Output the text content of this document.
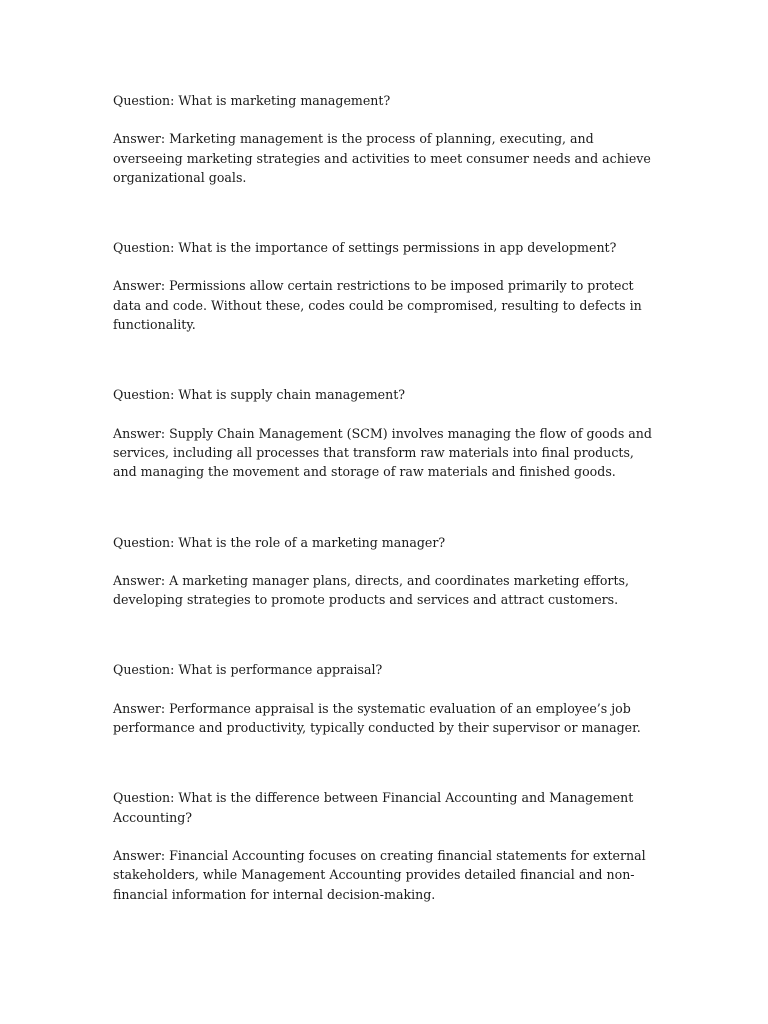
Question: What is marketing management?

Answer: Marketing management is the process of planning, executing, and overseeing marketing strategies and activities to meet consumer needs and achieve organizational goals.

Question: What is the importance of settings permissions in app development?

Answer: Permissions allow certain restrictions to be imposed primarily to protect data and code. Without these, codes could be compromised, resulting to defects in functionality.

Question: What is supply chain management?

Answer: Supply Chain Management (SCM) involves managing the flow of goods and services, including all processes that transform raw materials into final products, and managing the movement and storage of raw materials and finished goods.

Question: What is the role of a marketing manager?

Answer: A marketing manager plans, directs, and coordinates marketing efforts, developing strategies to promote products and services and attract customers.

Question: What is performance appraisal?

Answer: Performance appraisal is the systematic evaluation of an employee’s job performance and productivity, typically conducted by their supervisor or manager.

Question: What is the difference between Financial Accounting and Management Accounting?

Answer: Financial Accounting focuses on creating financial statements for external stakeholders, while Management Accounting provides detailed financial and non-financial information for internal decision-making.
